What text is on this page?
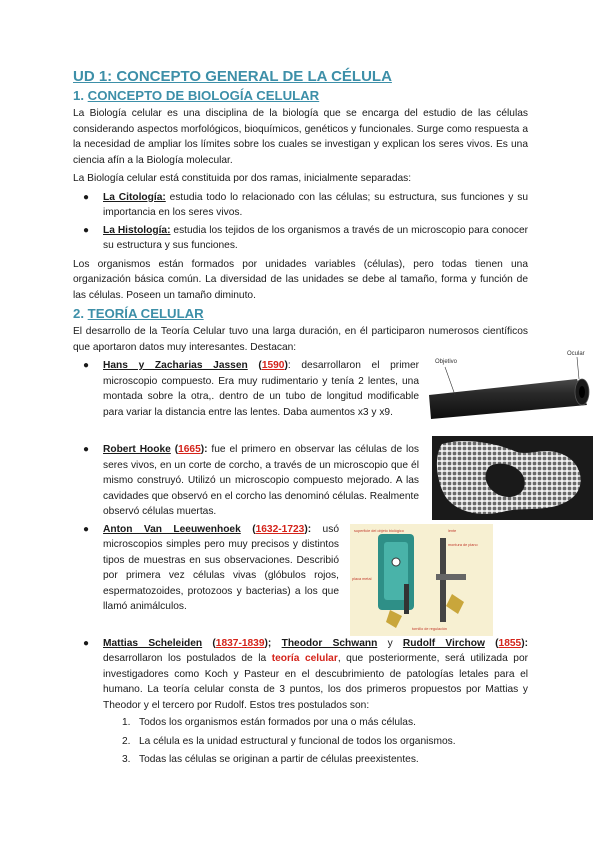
UD 1: CONCEPTO GENERAL DE LA CÉLULA
1. CONCEPTO DE BIOLOGÍA CELULAR

La Biología celular es una disciplina de la biología que se encarga del estudio de las células considerando aspectos morfológicos, bioquímicos, genéticos y funcionales. Surge como respuesta a la necesidad de ampliar los límites sobre los cuales se investigan y explican los seres vivos. Es una ciencia afín a la Biología molecular.

La Biología celular está constituida por dos ramas, inicialmente separadas:

● La Citología: estudia todo lo relacionado con las células; su estructura, sus funciones y su importancia en los seres vivos.
● La Histología: estudia los tejidos de los organismos a través de un microscopio para conocer su estructura y sus funciones.

Los organismos están formados por unidades variables (células), pero todas tienen una organización básica común. La diversidad de las unidades se debe al tamaño, forma y función de las células. Poseen un tamaño diminuto.

2. TEORÍA CELULAR

El desarrollo de la Teoría Celular tuvo una larga duración, en él participaron numerosos científicos que aportaron datos muy interesantes. Destacan:

● Hans y Zacharias Jassen (1590): desarrollaron el primer microscopio compuesto. Era muy rudimentario y tenía 2 lentes, una montada sobre la otra,. dentro de un tubo de longitud modificable para variar la distancia entre las lentes. Daba aumentos x3 y x9.
Objetivo
Ocular
● Robert Hooke (1665): fue el primero en observar las células de los seres vivos, en un corte de corcho, a través de un microscopio que él mismo construyó. Utilizó un microscopio compuesto mejorado. A las cavidades que observó en el corcho las denominó células. Realmente observó células muertas.
● Anton Van Leeuwenhoek (1632-1723): usó microscopios simples pero muy precisos y distintos tipos de muestras en sus observaciones. Describió por primera vez células vivas (glóbulos rojos, espermatozoides, protozoos y bacterias) a los que llamó animálculos.
superficie del objeto biológico	lente
montura de plano
placa metal
tornillo de regulación
● Mattias Scheleiden (1837-1839); Theodor Schwann y Rudolf Virchow (1855): desarrollaron los postulados de la teoría celular, que posteriormente, será utilizada por investigadores como Koch y Pasteur en el descubrimiento de patologías letales para el humano. La teoría celular consta de 3 puntos, los dos primeros propuestos por Mattias y Theodor y el tercero por Rudolf. Estos tres postulados son:
1. Todos los organismos están formados por una o más células.
2. La célula es la unidad estructural y funcional de todos los organismos.
3. Todas las células se originan a partir de células preexistentes.
